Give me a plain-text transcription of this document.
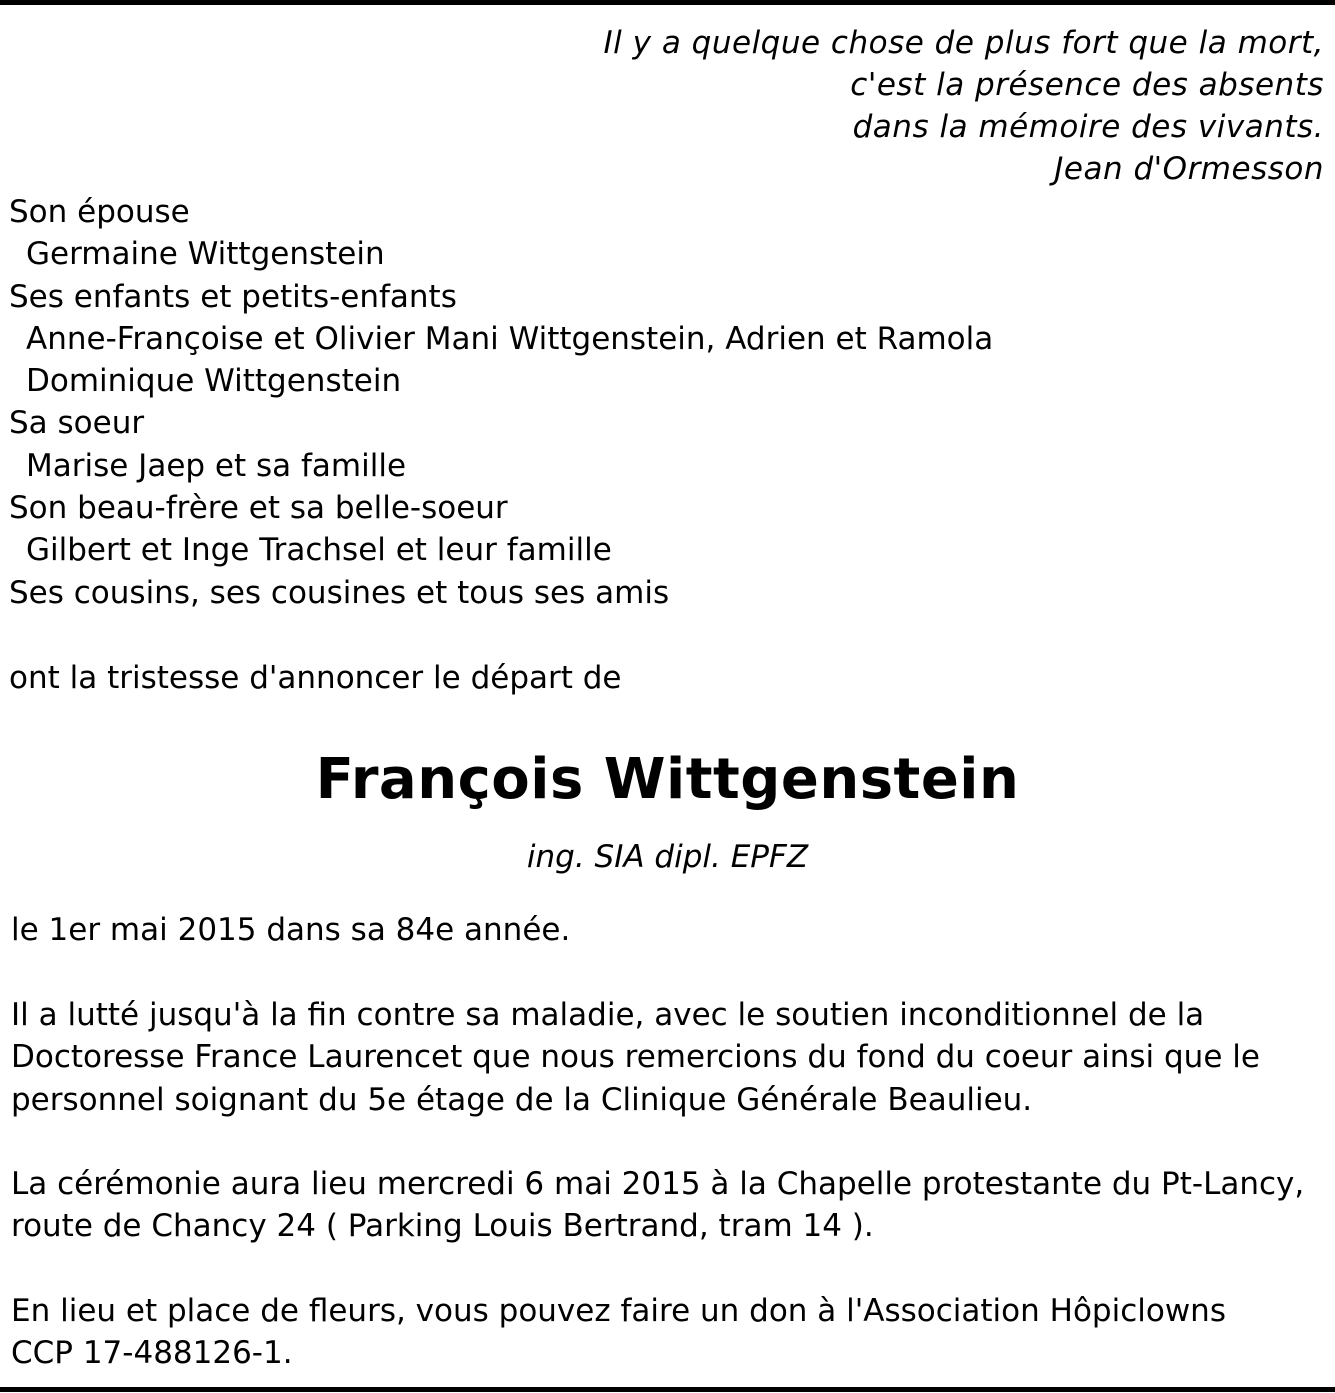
Il y a quelque chose de plus fort que la mort,
c'est la présence des absents
dans la mémoire des vivants.
Jean d'Ormesson
Son épouse
Germaine Wittgenstein
Ses enfants et petits-enfants
Anne-Françoise et Olivier Mani Wittgenstein, Adrien et Ramola
Dominique Wittgenstein
Sa soeur
Marise Jaep et sa famille
Son beau-frère et sa belle-soeur
Gilbert et Inge Trachsel et leur famille
Ses cousins, ses cousines et tous ses amis
ont la tristesse d'annoncer le départ de
François Wittgenstein
ing. SIA dipl. EPFZ
le 1er mai 2015 dans sa 84e année.
Il a lutté jusqu'à la fin contre sa maladie, avec le soutien inconditionnel de la
Doctoresse France Laurencet que nous remercions du fond du coeur ainsi que le
personnel soignant du 5e étage de la Clinique Générale Beaulieu.
La cérémonie aura lieu mercredi 6 mai 2015 à la Chapelle protestante du Pt-Lancy,
route de Chancy 24 ( Parking Louis Bertrand, tram 14 ).
En lieu et place de fleurs, vous pouvez faire un don à l'Association Hôpiclowns
CCP 17-488126-1.
